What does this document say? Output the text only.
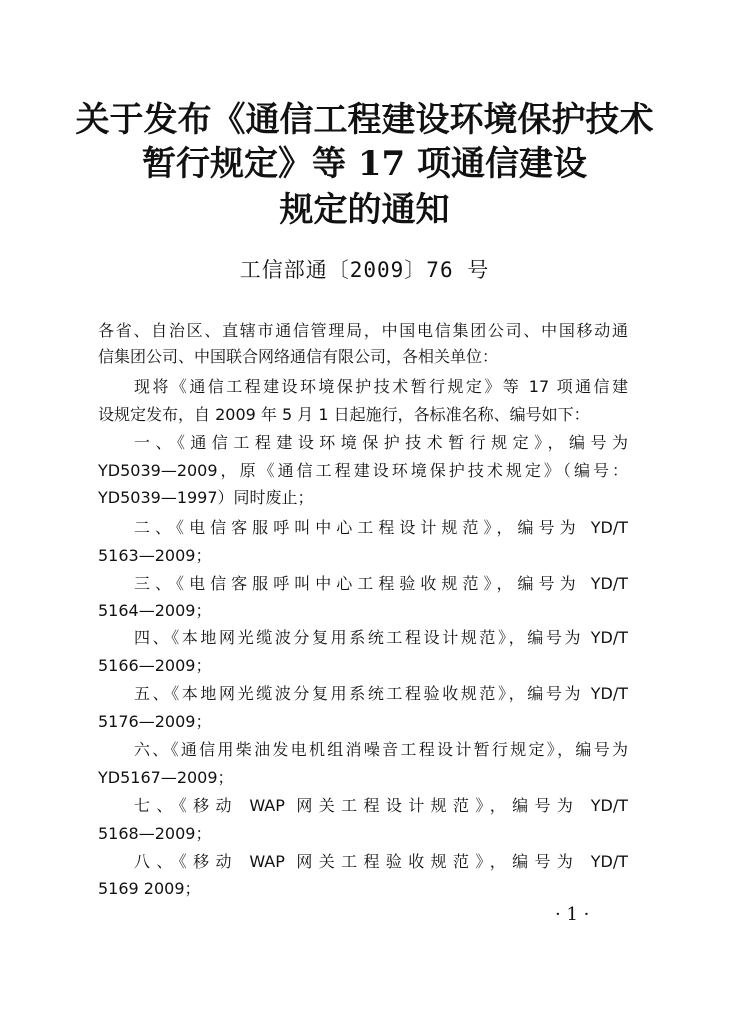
关于发布《通信工程建设环境保护技术
暂行规定》等 17 项通信建设
规定的通知
工信部通〔2009〕76 号
各省、自治区、直辖市通信管理局，中国电信集团公司、中国移动通
信集团公司、中国联合网络通信有限公司，各相关单位：
现将《通信工程建设环境保护技术暂行规定》等 17 项通信建
设规定发布，自 2009 年 5 月 1 日起施行，各标准名称、编号如下：
一、《通信工程建设环境保护技术暂行规定》，编号为
YD5039—2009，原《通信工程建设环境保护技术规定》（编号：
YD5039—1997）同时废止；
二、《电信客服呼叫中心工程设计规范》，编号为 YD/T
5163—2009；
三、《电信客服呼叫中心工程验收规范》，编号为 YD/T
5164—2009；
四、《本地网光缆波分复用系统工程设计规范》，编号为 YD/T
5166—2009；
五、《本地网光缆波分复用系统工程验收规范》，编号为 YD/T
5176—2009；
六、《通信用柴油发电机组消噪音工程设计暂行规定》，编号为
YD5167—2009；
七、《移动 WAP 网关工程设计规范》，编号为 YD/T
5168—2009；
八、《移动 WAP 网关工程验收规范》，编号为 YD/T
5169 2009；
· 1 ·
